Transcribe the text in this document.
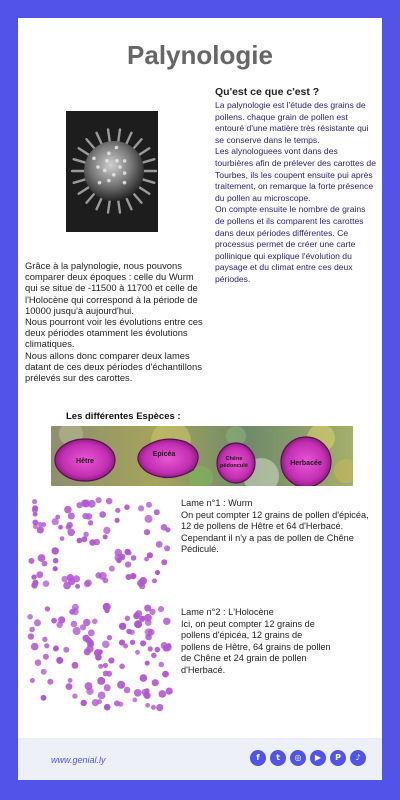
Palynologie
Qu'est ce que c'est ?

La palynologie est l'étude des grains de pollens. chaque grain de pollen est entouré d'une matière très résistante qui se conserve dans le temps.

Les alynologuees vont dans des tourbières afin de prélever des carottes de Tourbes, ils les coupent ensuite pui après traitement, on remarque la forte présence du pollen au microscope.

On compte ensuite le nombre de grains de pollens et ils comparent les carottes dans deux périodes différentes. Ce processus permet de créer une carte pollinique qui explique l'évolution du paysage et du climat entre ces deux périodes.

Grâce à la palynologie, nous pouvons comparer deux époques : celle du Wurm qui se situe de -11500 à 11700 et celle de l'Holocène qui correspond à la période de 10000 jusqu'à aujourd'hui.

Nous pourront voir les évolutions entre ces deux périodes otamment les évolutions climatiques.

Nous allons donc comparer deux lames datant de ces deux périodes d'échantillons prélevés sur des carottes.

Les différentes Espèces :
Hêtre
Epicéa
Chêne
pédonculé	Herbacée
Lame n°1 : Wurm
On peut compter 12 grains de pollen d'épicéa, 12 de pollens de Hêtre et 64 d'Herbacé. Cependant il n'y a pas de pollen de Chêne Pédiculé.
Lame n°2 : L'Holocène
Ici, on peut compter 12 grains de pollens d'épicéa, 12 grains de pollens de Hêtre, 64 grains de pollen de Chêne et 24 grain de pollen d'Herbacé.
www.genial.ly	f	t	◎	▶	P	♪
